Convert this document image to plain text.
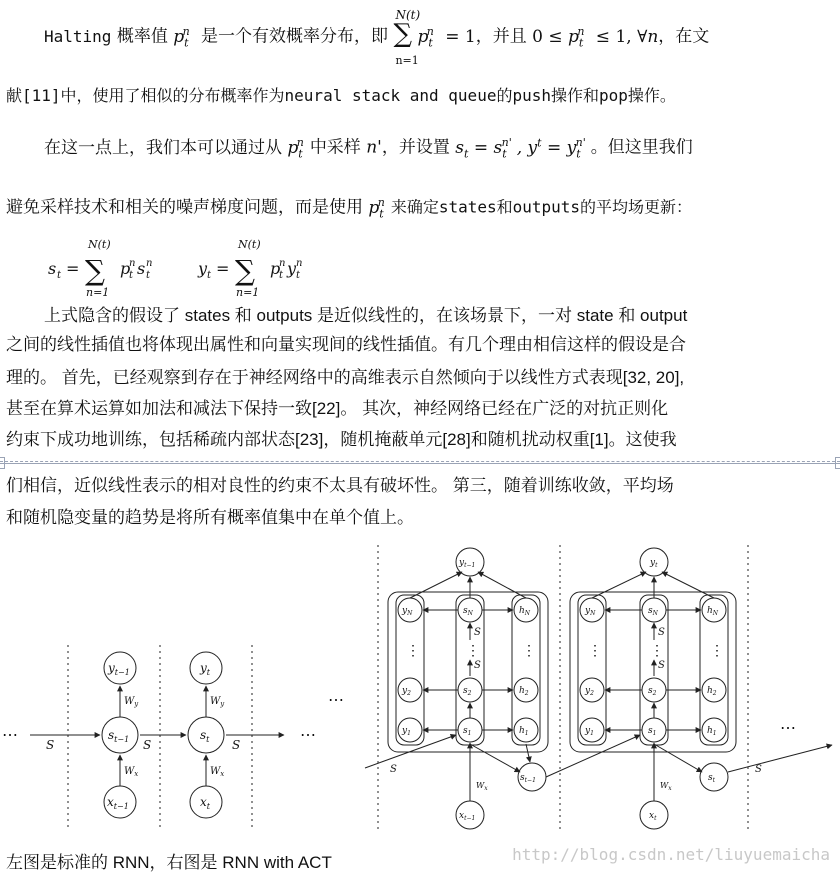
Halting 概率值 $p_t^n$ 是一个有效概率分布，即
N(t)
∑
n=1
$p_t^n = 1$，并且 $0 \le p_t^n \le 1$, ∀n，在文
献[11]中，使用了相似的分布概率作为neural stack and queue的push操作和pop操作。
在这一点上，我们本可以通过从 $p_t^n$ 中采样 n'，并设置 $s_t = s_t^{n'}$ , $y^t = y_t^{n'}$ 。但这里我们
避免采样技术和相关的噪声梯度问题，而是使用 $p_t^n$ 来确定states和outputs的平均场更新：
s t = ∑
N(t)
n=1
p
t
n s t
n	y t = ∑
N(t)
n=1
p
t
n y t
n
上式隐含的假设了 states 和 outputs 是近似线性的，在该场景下，一对 state 和 output
之间的线性插值也将体现出属性和向量实现间的线性插值。有几个理由相信这样的假设是合
理的。 首先，已经观察到存在于神经网络中的高维表示自然倾向于以线性方式表现[32, 20],
甚至在算术运算如加法和减法下保持一致[22]。 其次，神经网络已经在广泛的对抗正则化
约束下成功地训练，包括稀疏内部状态[23]，随机掩蔽单元[28]和随机扰动权重[1]。这使我
们相信，近似线性表示的相对良性的约束不太具有破坏性。 第三，随着训练收敛，平均场
和随机隐变量的趋势是将所有概率值集中在单个值上。
$s_{t-1}$	$s_t$
$y_{t-1}$	$y_t$
$x_{t-1}$	$x_t$
S	S	S
$W_y$	$W_y$
$W_x$	$W_x$
⋯	⋯
⋯
⋯
$y_{t-1}$	$y_t$
$s_{t-1}$	$s_t$
$x_{t-1}$	$x_t$
$y_N$	$s_N$	$h_N$
$y_2$	$s_2$	$h_2$
$y_1$	$s_1$	$h_1$
$y_N$	$s_N$	$h_N$
$y_2$	$s_2$	$h_2$
$y_1$	$s_1$	$h_1$
S	S
S	S
S	S
$W_x$	$W_x$
⋮	⋮	⋮	⋮	⋮	⋮
左图是标准的 RNN，右图是 RNN with ACT	http://blog.csdn.net/liuyuemaicha
